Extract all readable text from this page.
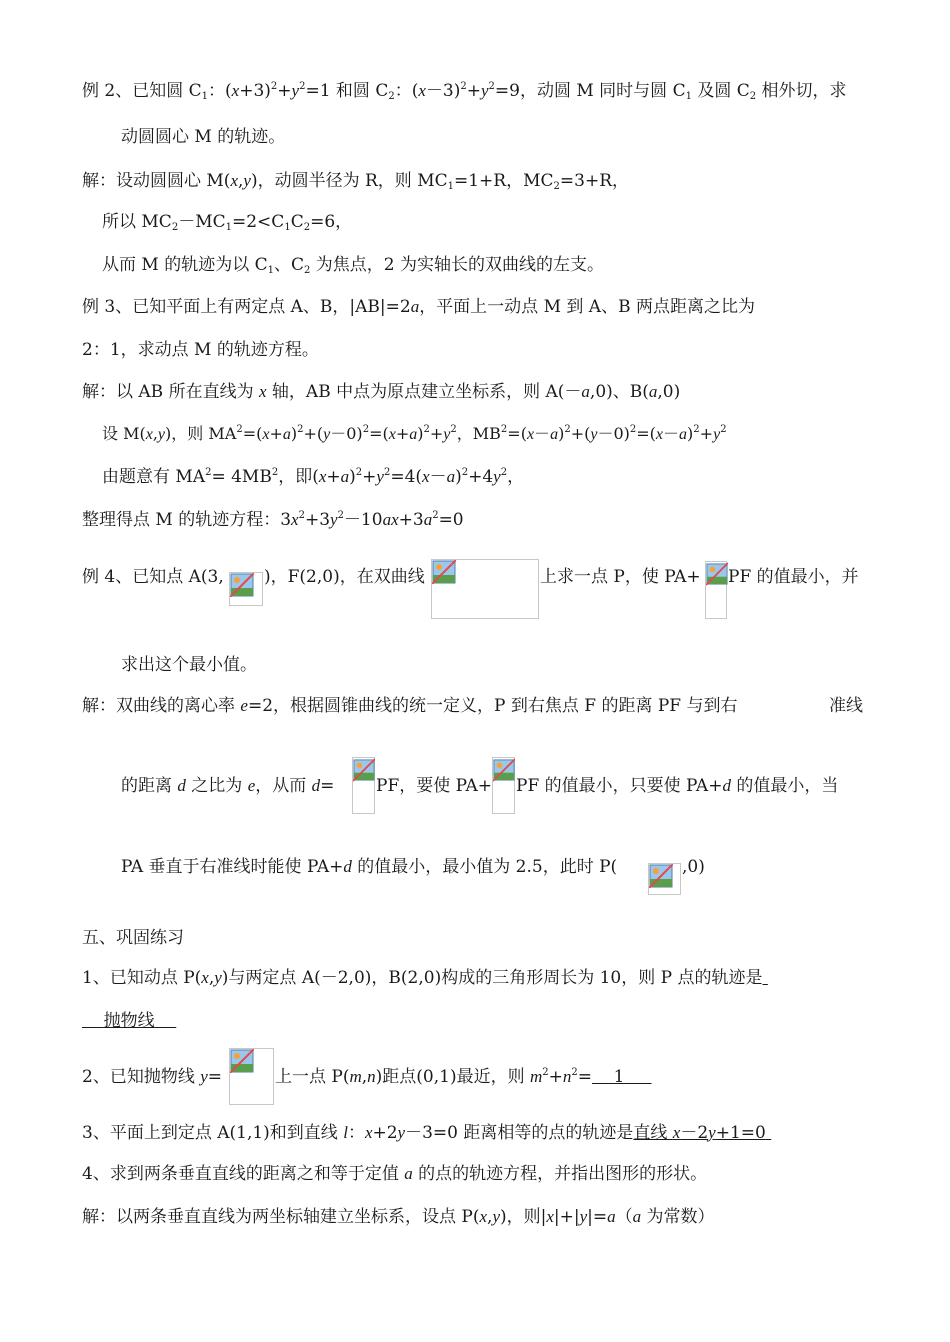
例 2、已知圆 $C_1$：$(x+3)^2+y^2=1$ 和圆 $C_2$：$(x-3)^2+y^2=9$，动圆 M 同时与圆 $C_1$ 及圆 $C_2$ 相外切，求
动圆圆心 M 的轨迹。
解：设动圆圆心 M(x,y)，动圆半径为 R，则 $MC_1=1+R$，$MC_2=3+R$，
所以 $MC_2-MC_1=2<C_1C_2=6$，
从而 M 的轨迹为以 $C_1$、$C_2$ 为焦点，2 为实轴长的双曲线的左支。
例 3、已知平面上有两定点 A、B，|AB|=2a，平面上一动点 M 到 A、B 两点距离之比为
2：1，求动点 M 的轨迹方程。
解：以 AB 所在直线为 x 轴，AB 中点为原点建立坐标系，则 A(－a,0)、B(a,0)
设 M(x,y)，则 $MA^2=(x+a)^2+(y-0)^2=(x+a)^2+y^2$，$MB^2=(x-a)^2+(y-0)^2=(x-a)^2+y^2$
由题意有 $MA^2= 4MB^2$，即$(x+a)^2+y^2=4(x-a)^2+4y^2$，
整理得点 M 的轨迹方程：$3x^2+3y^2-10ax+3a^2=0$
例 4、已知点 A(3, )，F(2,0)，在双曲线	上求一点 P，使 PA+ PF 的值最小，并
求出这个最小值。
解：双曲线的离心率 e=2，根据圆锥曲线的统一定义，P 到右焦点 F 的距离 PF 与到右	准线
的距离 d 之比为 e，从而 d= PF，要使 PA+ PF 的值最小，只要使 PA+d 的值最小，当
PA 垂直于右准线时能使 PA+d 的值最小，最小值为 2.5，此时 P(	,0)
五、巩固练习
1、已知动点 P(x,y)与两定点 A(－2,0)，B(2,0)构成的三角形周长为 10，则 P 点的轨迹是
抛物线
2、已知抛物线 y=	上一点 P(m,n)距点(0,1)最近，则 $m^2+n^2= 1$
3、平面上到定点 A(1,1)和到直线 l：x+2y－3=0 距离相等的点的轨迹是直线 x－2y+1=0
4、求到两条垂直直线的距离之和等于定值 a 的点的轨迹方程，并指出图形的形状。
解：以两条垂直直线为两坐标轴建立坐标系，设点 P(x,y)，则|x|+|y|=a（a 为常数）
